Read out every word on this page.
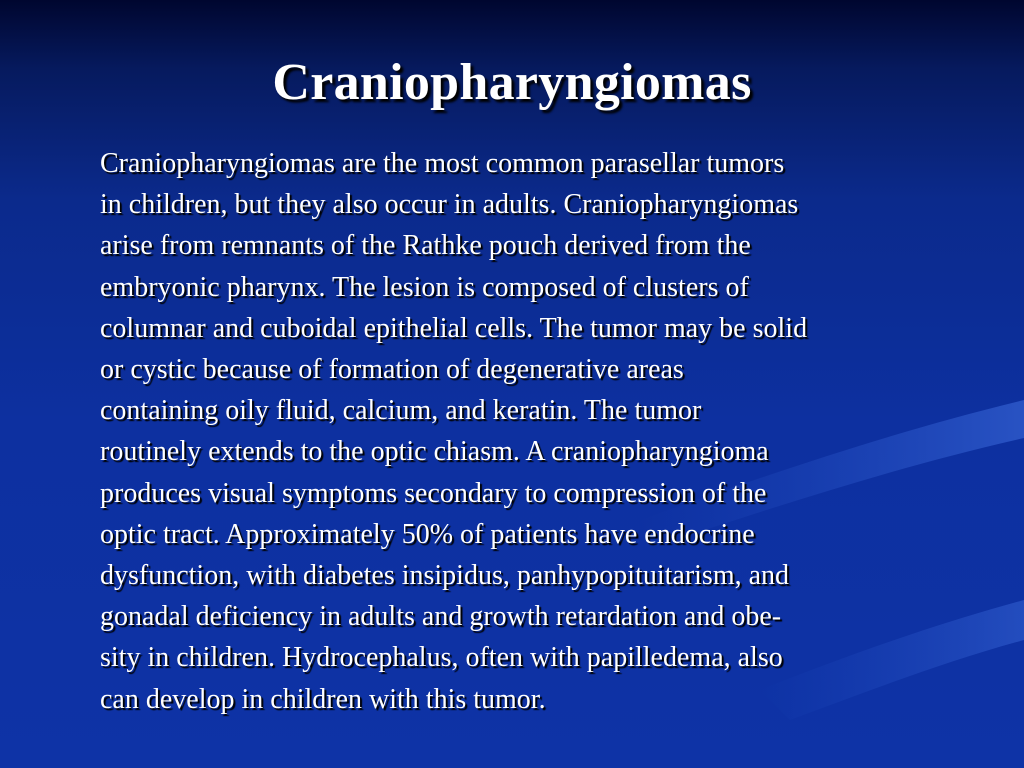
Craniopharyngiomas
Craniopharyngiomas are the most common parasellar tumors
in children, but they also occur in adults. Craniopharyngiomas
arise from remnants of the Rathke pouch derived from the
embryonic pharynx. The lesion is composed of clusters of
columnar and cuboidal epithelial cells. The tumor may be solid
or cystic because of formation of degenerative areas
containing oily fluid, calcium, and keratin. The tumor
routinely extends to the optic chiasm. A craniopharyngioma
produces visual symptoms secondary to compression of the
optic tract. Approximately 50% of patients have endocrine
dysfunction, with diabetes insipidus, panhypopituitarism, and
gonadal deficiency in adults and growth retardation and obe-
sity in children. Hydrocephalus, often with papilledema, also
can develop in children with this tumor.
